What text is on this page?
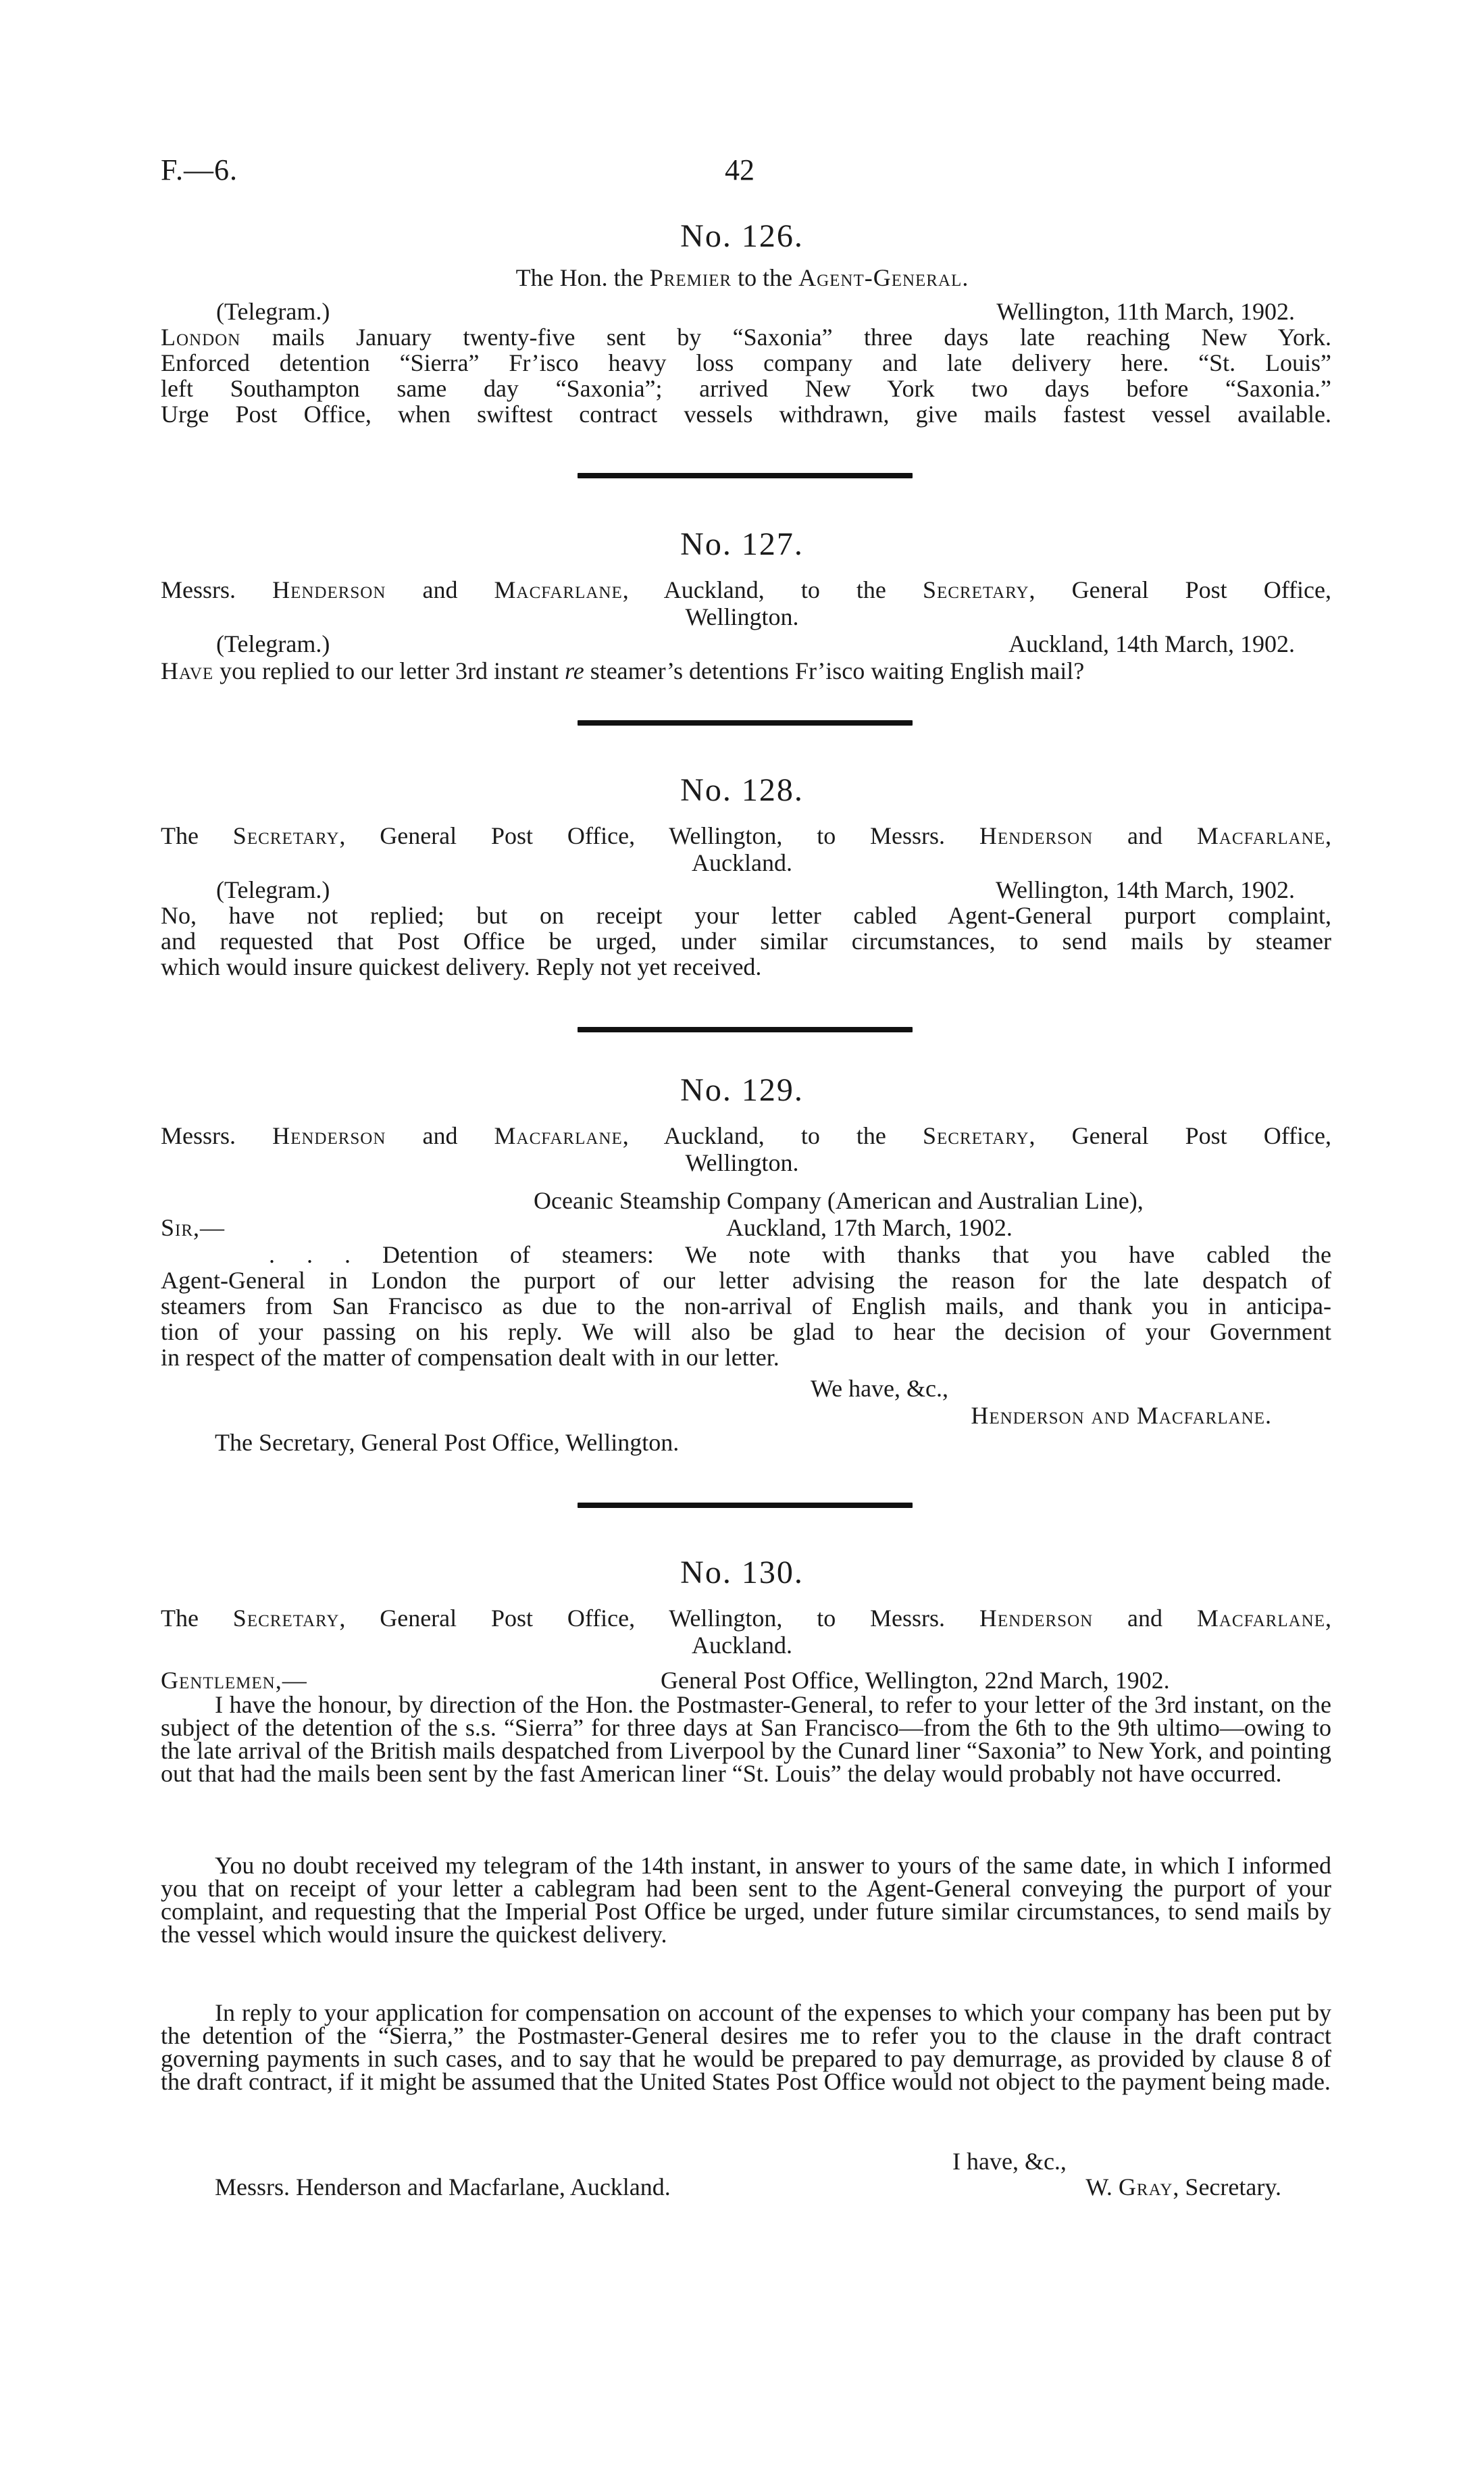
F.—6.	42
No. 126.
The Hon. the Premier to the Agent-General.
(Telegram.)	Wellington, 11th March, 1902.
London mails January twenty-five sent by “Saxonia” three days late reaching New York.
Enforced detention “Sierra” Fr’isco heavy loss company and late delivery here. “St. Louis”
left Southampton same day “Saxonia”; arrived New York two days before “Saxonia.”
Urge Post Office, when swiftest contract vessels withdrawn, give mails fastest vessel available.
No. 127.
Messrs. Henderson and Macfarlane, Auckland, to the Secretary, General Post Office,
Wellington.
(Telegram.)	Auckland, 14th March, 1902.
Have you replied to our letter 3rd instant re steamer’s detentions Fr’isco waiting English mail?
No. 128.
The Secretary, General Post Office, Wellington, to Messrs. Henderson and Macfarlane,
Auckland.
(Telegram.)	Wellington, 14th March, 1902.
No, have not replied; but on receipt your letter cabled Agent-General purport complaint,
and requested that Post Office be urged, under similar circumstances, to send mails by steamer
which would insure quickest delivery. Reply not yet received.
No. 129.
Messrs. Henderson and Macfarlane, Auckland, to the Secretary, General Post Office,
Wellington.
Oceanic Steamship Company (American and Australian Line),
Sir,—	Auckland, 17th March, 1902.
. . . Detention of steamers: We note with thanks that you have cabled the
Agent-General in London the purport of our letter advising the reason for the late despatch of
steamers from San Francisco as due to the non-arrival of English mails, and thank you in anticipa-
tion of your passing on his reply. We will also be glad to hear the decision of your Government
in respect of the matter of compensation dealt with in our letter.
We have, &c.,
Henderson and Macfarlane.
The Secretary, General Post Office, Wellington.
No. 130.
The Secretary, General Post Office, Wellington, to Messrs. Henderson and Macfarlane,
Auckland.
Gentlemen,—	General Post Office, Wellington, 22nd March, 1902.
I have the honour, by direction of the Hon. the Postmaster-General, to refer to your letter of the 3rd instant, on the subject of the detention of the s.s. “Sierra” for three days at San Francisco—from the 6th to the 9th ultimo—owing to the late arrival of the British mails despatched from Liverpool by the Cunard liner “Saxonia” to New York, and pointing out that had the mails been sent by the fast American liner “St. Louis” the delay would probably not have occurred.
You no doubt received my telegram of the 14th instant, in answer to yours of the same date, in which I informed you that on receipt of your letter a cablegram had been sent to the Agent-General conveying the purport of your complaint, and requesting that the Imperial Post Office be urged, under future similar circumstances, to send mails by the vessel which would insure the quickest delivery.
In reply to your application for compensation on account of the expenses to which your company has been put by the detention of the “Sierra,” the Postmaster-General desires me to refer you to the clause in the draft contract governing payments in such cases, and to say that he would be prepared to pay demurrage, as provided by clause 8 of the draft contract, if it might be assumed that the United States Post Office would not object to the payment being made.
I have, &c.,
Messrs. Henderson and Macfarlane, Auckland.	W. Gray, Secretary.
